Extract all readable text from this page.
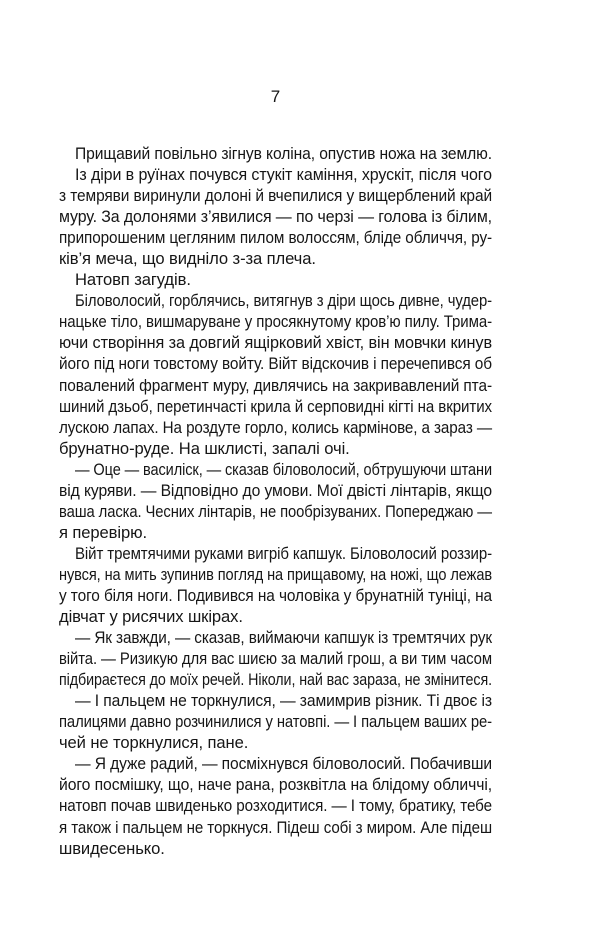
7
Прищавий повільно зігнув коліна, опустив ножа на землю.
Із діри в руїнах почувся стукіт каміння, хрускіт, після чого
з темряви виринули долоні й вчепилися у вищерблений край
муру. За долонями з’явилися — по черзі — голова із білим,
припорошеним цегляним пилом волоссям, бліде обличчя, ру-
ків’я меча, що видніло з-за плеча.
Натовп загудів.
Біловолосий, горблячись, витягнув з діри щось дивне, чудер-
нацьке тіло, вишмаруване у просякнутому кров’ю пилу. Трима-
ючи створіння за довгий ящірковий хвіст, він мовчки кинув
його під ноги товстому войту. Війт відскочив і перечепився об
повалений фрагмент муру, дивлячись на закривавлений пта-
шиний дзьоб, перетинчасті крила й серповидні кігті на вкритих
лускою лапах. На роздуте горло, колись кармінове, а зараз —
брунатно-руде. На шклисті, запалі очі.
— Оце — василіск, — сказав біловолосий, обтрушуючи штани
від куряви. — Відповідно до умови. Мої двісті лінтарів, якщо
ваша ласка. Чесних лінтарів, не пообрізуваних. Попереджаю —
я перевірю.
Війт тремтячими руками вигріб капшук. Біловолосий роззир-
нувся, на мить зупинив погляд на прищавому, на ножі, що лежав
у того біля ноги. Подивився на чоловіка у брунатній туніці, на
дівчат у рисячих шкірах.
— Як завжди, — сказав, виймаючи капшук із тремтячих рук
війта. — Ризикую для вас шиєю за малий грош, а ви тим часом
підбираєтеся до моїх речей. Ніколи, най вас зараза, не змінитеся.
— І пальцем не торкнулися, — замимрив різник. Ті двоє із
палицями давно розчинилися у натовпі. — І пальцем ваших ре-
чей не торкнулися, пане.
— Я дуже радий, — посміхнувся біловолосий. Побачивши
його посмішку, що, наче рана, розквітла на блідому обличчі,
натовп почав швиденько розходитися. — І тому, братику, тебе
я також і пальцем не торкнуся. Підеш собі з миром. Але підеш
швидесенько.
